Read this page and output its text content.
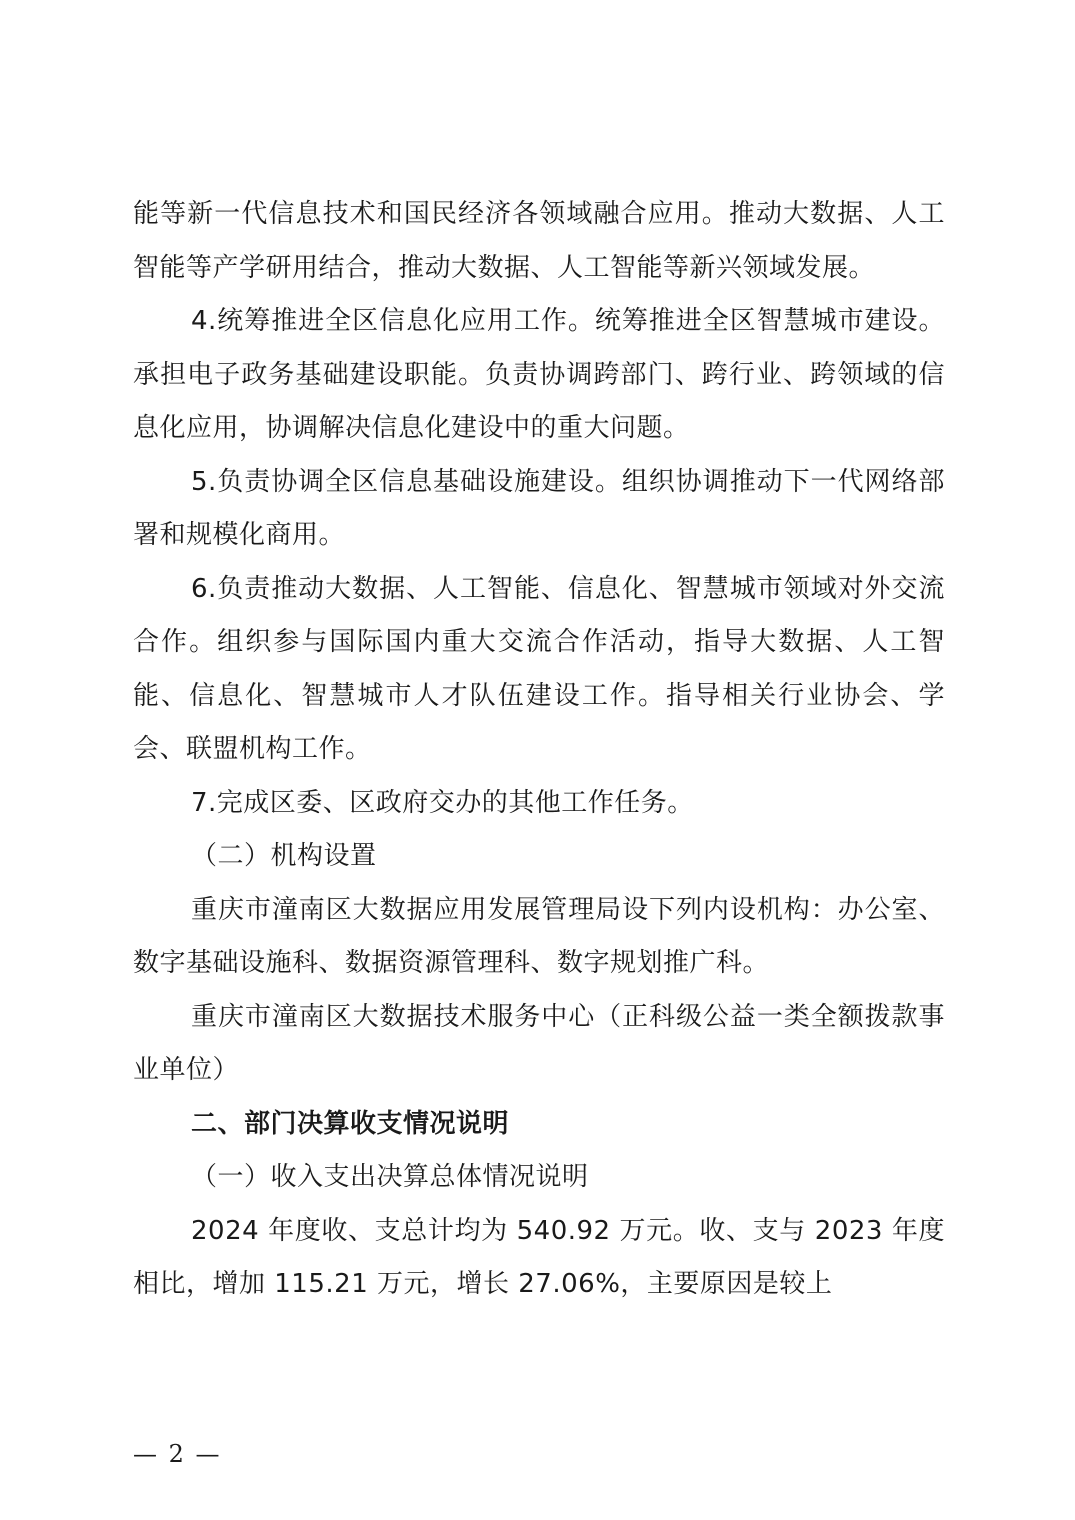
能等新一代信息技术和国民经济各领域融合应用。推动大数据、人工智能等产学研用结合，推动大数据、人工智能等新兴领域发展。

4.统筹推进全区信息化应用工作。统筹推进全区智慧城市建设。承担电子政务基础建设职能。负责协调跨部门、跨行业、跨领域的信息化应用，协调解决信息化建设中的重大问题。

5.负责协调全区信息基础设施建设。组织协调推动下一代网络部署和规模化商用。

6.负责推动大数据、人工智能、信息化、智慧城市领域对外交流合作。组织参与国际国内重大交流合作活动，指导大数据、人工智能、信息化、智慧城市人才队伍建设工作。指导相关行业协会、学会、联盟机构工作。

7.完成区委、区政府交办的其他工作任务。

（二）机构设置

重庆市潼南区大数据应用发展管理局设下列内设机构：办公室、数字基础设施科、数据资源管理科、数字规划推广科。

重庆市潼南区大数据技术服务中心（正科级公益一类全额拨款事业单位）

二、部门决算收支情况说明

（一）收入支出决算总体情况说明

2024 年度收、支总计均为 540.92 万元。收、支与 2023 年度相比，增加 115.21 万元，增长 27.06%，主要原因是较上

— 2 —
